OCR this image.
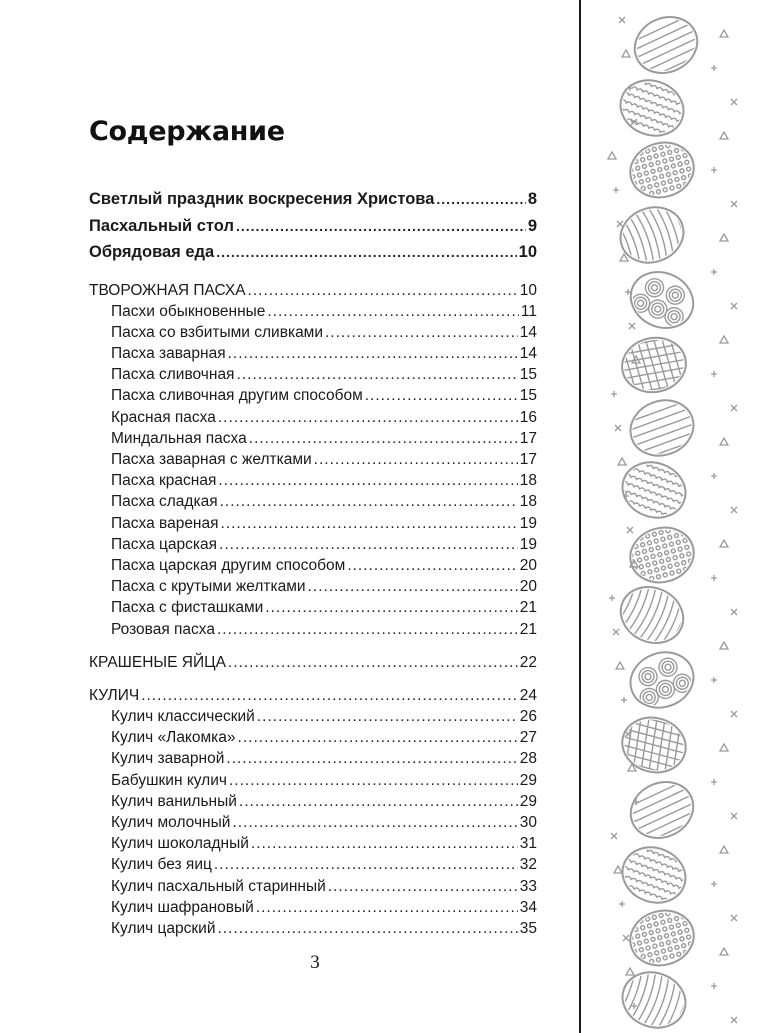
Содержание
Светлый праздник воскресения Христова .....	8
Пасхальный стол .....	9
Обрядовая еда .....	10
ТВОРОЖНАЯ ПАСХА .....	10
Пасхи обыкновенные .....	11
Пасха со взбитыми сливками .....	14
Пасха заварная .....	14
Пасха сливочная .....	15
Пасха сливочная другим способом .....	15
Красная пасха .....	16
Миндальная пасха .....	17
Пасха заварная с желтками .....	17
Пасха красная .....	18
Пасха сладкая .....	18
Пасха вареная .....	19
Пасха царская .....	19
Пасха царская другим способом .....	20
Пасха с крутыми желтками .....	20
Пасха с фисташками .....	21
Розовая пасха .....	21
КРАШЕНЫЕ ЯЙЦА .....	22
КУЛИЧ .....	24
Кулич классический .....	26
Кулич «Лакомка» .....	27
Кулич заварной .....	28
Бабушкин кулич .....	29
Кулич ванильный .....	29
Кулич молочный .....	30
Кулич шоколадный .....	31
Кулич без яиц .....	32
Кулич пасхальный старинный .....	33
Кулич шафрановый .....	34
Кулич царский .....	35
3
